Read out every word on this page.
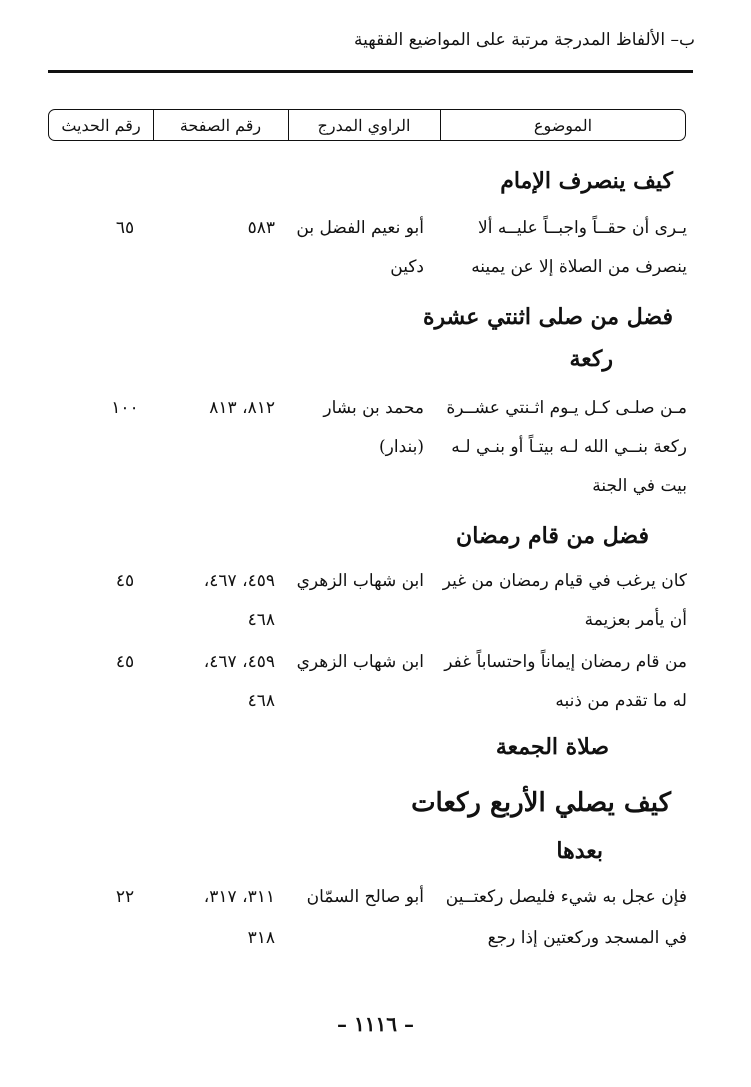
ب– الألفاظ المدرجة مرتبة على المواضيع الفقهية
الموضوع
الراوي المدرج
رقم الصفحة
رقم الحديث
كيف ينصرف الإمام
يـرى أن حقــاً واجبــاً عليــه ألا
أبو نعيم الفضل بن
٥٨٣
٦٥
ينصرف من الصلاة إلا عن يمينه
دكين
فضل من صلى اثنتي عشرة
ركعة
مـن صلـى كـل يـوم اثـنتي عشــرة
محمد بن بشار
٨١٢، ٨١٣
١٠٠
ركعة بنــي الله لـه بيتـاً أو بنـي لـه
(بندار)
بيت في الجنة
فضل من قام رمضان
كان يرغب في قيام رمضان من غير
ابن شهاب الزهري
٤٥٩، ٤٦٧،
٤٥
أن يأمر بعزيمة
٤٦٨
من قام رمضان إيماناً واحتساباً غفر
ابن شهاب الزهري
٤٥٩، ٤٦٧،
٤٥
له ما تقدم من ذنبه
٤٦٨
صلاة الجمعة
كيف يصلي الأربع ركعات
بعدها
فإن عجل به شيء فليصل ركعتــين
أبو صالح السمّان
٣١١، ٣١٧،
٢٢
في المسجد وركعتين إذا رجع
٣١٨
– ١١١٦ –
